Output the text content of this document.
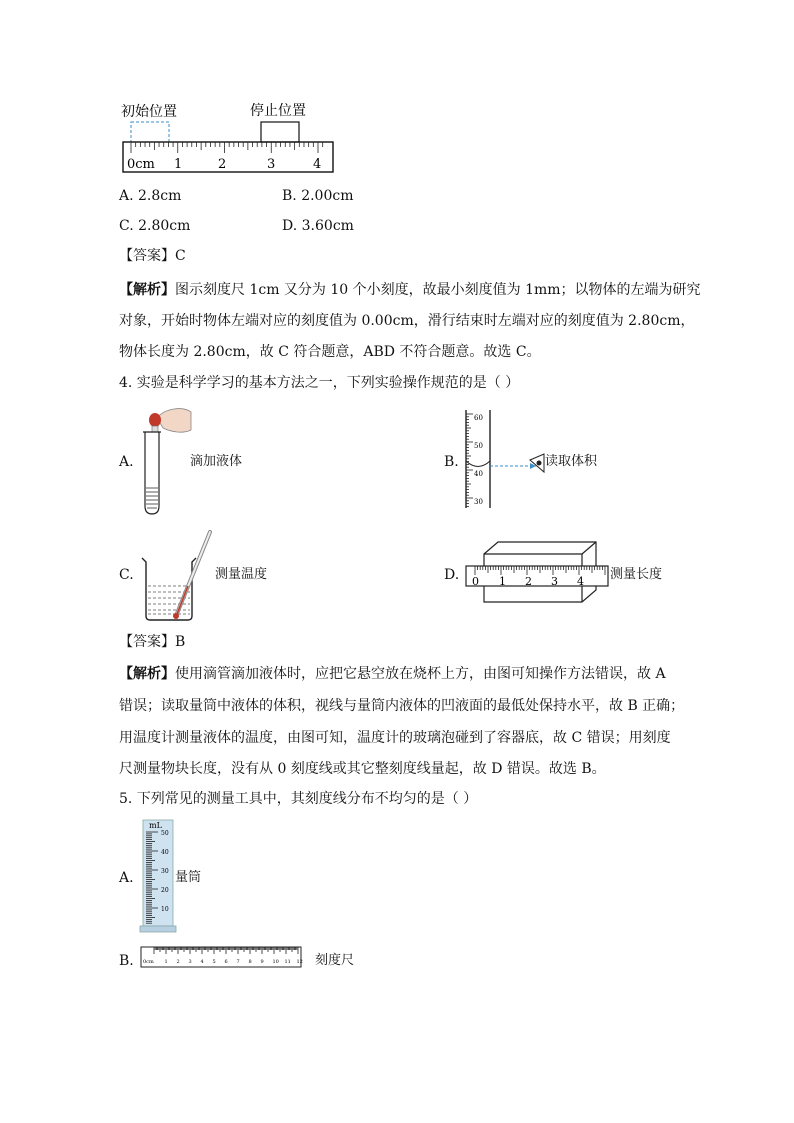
初始位置	停止位置
0cm 1	2	3	4
A. 2.8cm	B. 2.00cm
C. 2.80cm	D. 3.60cm
【答案】C
【解析】图示刻度尺 1cm 又分为 10 个小刻度，故最小刻度值为 1mm；以物体的左端为研究
对象，开始时物体左端对应的刻度值为 0.00cm，滑行结束时左端对应的刻度值为 2.80cm，
物体长度为 2.80cm，故 C 符合题意，ABD 不符合题意。故选 C。
4. 实验是科学学习的基本方法之一，下列实验操作规范的是（ ）
A.	滴加液体	B.
60
50
40
30
读取体积
C.	测量温度	D. 0 1 2 3 4 测量长度
【答案】B
【解析】使用滴管滴加液体时，应把它悬空放在烧杯上方，由图可知操作方法错误，故 A
错误；读取量筒中液体的体积，视线与量筒内液体的凹液面的最低处保持水平，故 B 正确；
用温度计测量液体的温度，由图可知，温度计的玻璃泡碰到了容器底，故 C 错误；用刻度
尺测量物块长度，没有从 0 刻度线或其它整刻度线量起，故 D 错误。故选 B。
5. 下列常见的测量工具中，其刻度线分布不均匀的是（ ）
A.
mL
50
40
30
20
10
量筒
B.	1 2 3 4 5 6 7 8 9 10 11 12
0cm	刻度尺
